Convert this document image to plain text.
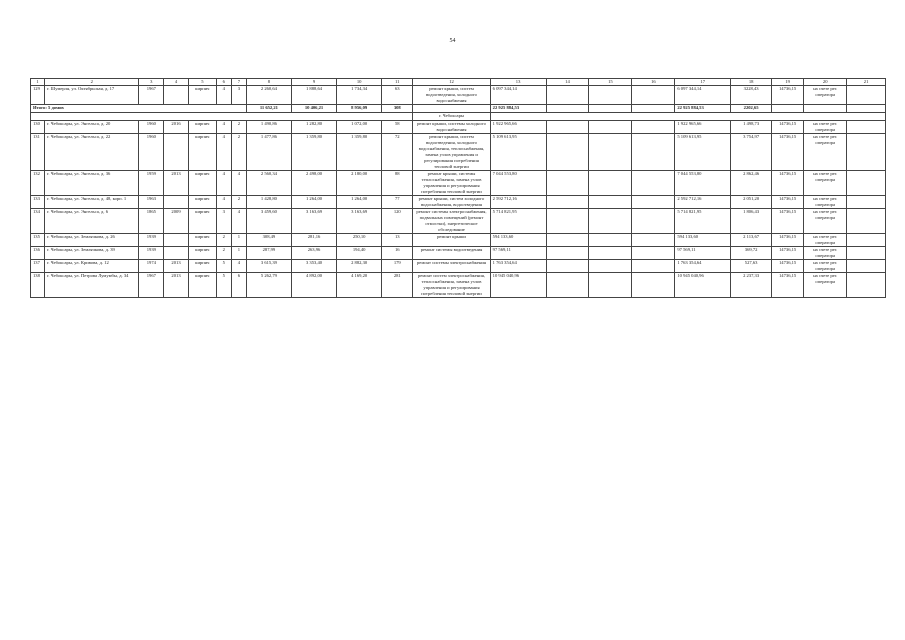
54
1	2	3	4	5	6	7	8	9	10	11	12	13	14	15	16	17	18	19	20	21
129	г. Шумерля, ул. Октябрьская, д. 17	1967		кирпич	4	3	2 260,64	1 888,64	1 734,34	63	ремонт крыши, систем водоотведения, холодного водоснабжения	6 097 344,14				6 097 344,14	3228,43	14736,15	на счете рег. оператора	
Итого: 5 домов							11 652,21	10 406,21	8 956,09	308		22 925 884,53				22 925 884,53	2202,65			
											г. Чебоксары									
130	г. Чебоксары, ул. Энгельса, д. 20	1960	2016	кирпич	4	2	1 490,86	1 282,80	1 072,00	58	ремонт крыши, системы холодного водоснабжения	1 922 965,66				1 922 965,66	1 498,73	14736,15	на счете рег. оператора	
131	г. Чебоксары, ул. Энгельса, д. 22	1960		кирпич	4	2	1 477,86	1 359,80	1 359,80	72	ремонт крыши, систем водоотведения, холодного водоснабжения, теплоснабжения, замена узлов управления и регулирования потребления тепловой энергии	5 109 613,95				5 109 613,95	3 754,97	14736,15	на счете рег. оператора	
132	г. Чебоксары, ул. Энгельса, д. 36	1959	2013	кирпич	4	4	2 560,34	2 498,00	2 180,00	88	ремонт крыши, системы теплоснабжения, замена узлов управления и регулирования потребления тепловой энергии	7 044 553,80				7 044 553,80	2 862,46	14736,15	на счете рег. оператора	
133	г. Чебоксары, ул. Энгельса, д. 48, корп. 1	1963		кирпич	4	2	1 428,80	1 264,00	1 264,00	77	ремонт крыши, систем холодного водоснабжения, водоотведения	2 592 712,16				2 592 712,16	2 051,20	14736,15	на счете рег. оператора	
134	г. Чебоксары, ул. Энгельса, д. 6	1865	2009	кирпич	3	4	3 459,60	3 163,69	3 163,69	120	ремонт системы электроснабжения, подвальных помещений (ремонт отмостки), энергетическое обследование	5 714 821,95				5 714 821,95	1 806,43	14736,15	на счете рег. оператора	
135	г. Чебоксары, ул. Землячкова, д. 26	1939		кирпич	2	1	308,49	281,16	250,10	13	ремонт крыши	594 133,60				594 133,60	2 113,67	14736,15	на счете рег. оператора	
136	г. Чебоксары, ул. Землячкова, д. 39	1939		кирпич	2	1	287,99	263,96	194,40	16	ремонт системы водоотведения	97 569,11				97 569,11	369,72	14736,15	на счете рег. оператора	
137	г. Чебоксары, ул. Кривова, д. 12	1974	2013	кирпич	5	4	3 615,39	3 353,40	2 882,30	179	ремонт системы электроснабжения	1 763 354,64				1 763 354,64	527,63	14736,15	на счете рег. оператора	
138	г. Чебоксары, ул. Петрова Лумумбы, д. 34	1967	2013	кирпич	5	6	5 262,79	4 892,00	4 169,20	281	ремонт систем электроснабжения, теплоснабжения, замена узлов управления и регулирования потребления тепловой энергии	10 945 040,96				10 945 040,96	2 237,33	14736,15	на счете рег. оператора	
